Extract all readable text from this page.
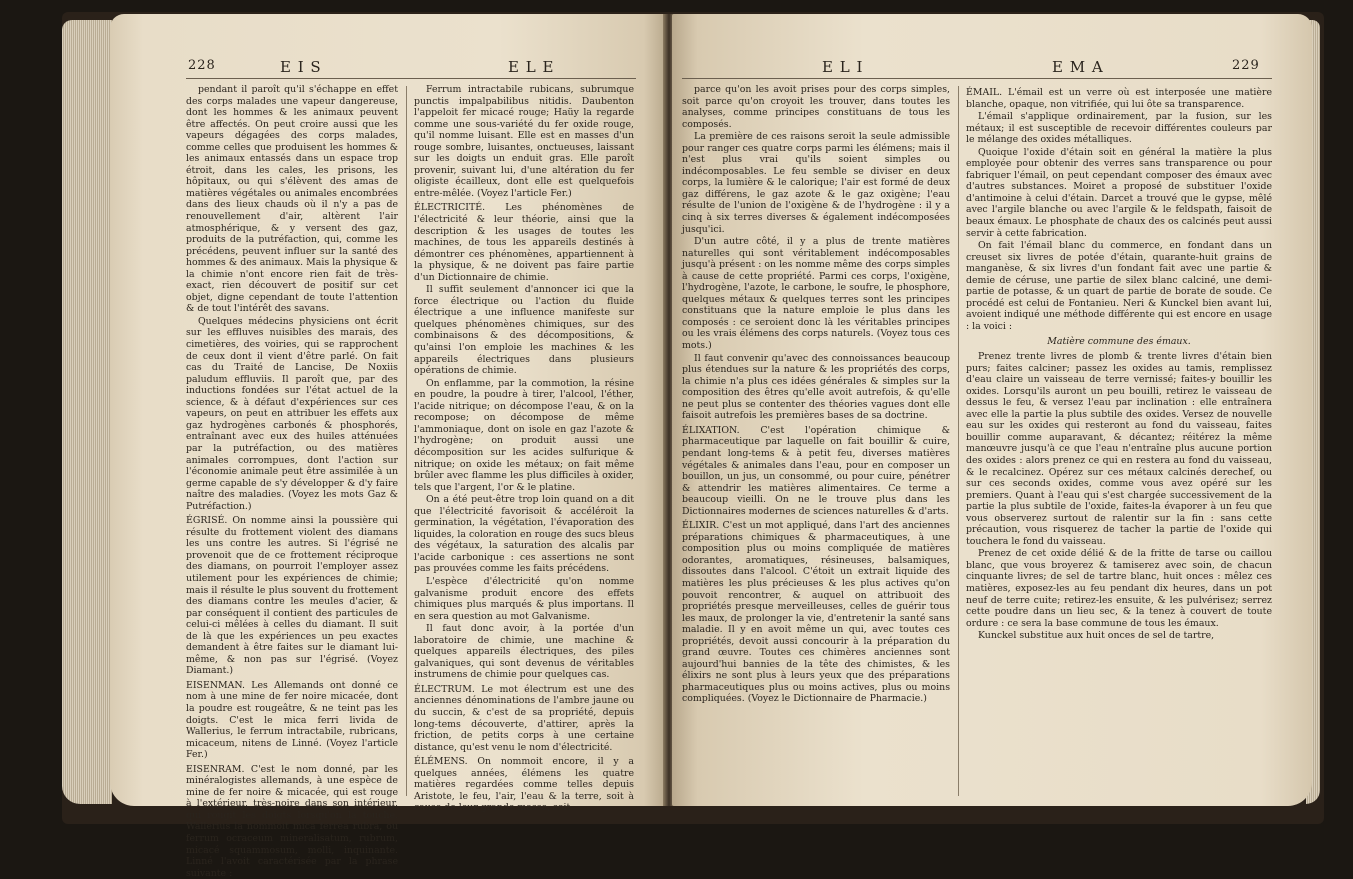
228	E I S	E L E

pendant il paroît qu'il s'échappe en effet des corps malades une vapeur dangereuse, dont les hommes & les animaux peuvent être affectés. On peut croire aussi que les vapeurs dégagées des corps malades, comme celles que produisent les hommes & les animaux entassés dans un espace trop étroit, dans les cales, les prisons, les hôpitaux, ou qui s'élèvent des amas de matières végétales ou animales encombrées dans des lieux chauds où il n'y a pas de renouvellement d'air, altèrent l'air atmosphérique, & y versent des gaz, produits de la putréfaction, qui, comme les précédens, peuvent influer sur la santé des hommes & des animaux. Mais la physique & la chimie n'ont encore rien fait de très-exact, rien découvert de positif sur cet objet, digne cependant de toute l'attention & de tout l'intérêt des savans.

Quelques médecins physiciens ont écrit sur les effluves nuisibles des marais, des cimetières, des voiries, qui se rapprochent de ceux dont il vient d'être parlé. On fait cas du Traité de Lancise, De Noxiis paludum effluviis. Il paroît que, par des inductions fondées sur l'état actuel de la science, & à défaut d'expériences sur ces vapeurs, on peut en attribuer les effets aux gaz hydrogènes carbonés & phosphorés, entraînant avec eux des huiles atténuées par la putréfaction, ou des matières animales corrompues, dont l'action sur l'économie animale peut être assimilée à un germe capable de s'y développer & d'y faire naître des maladies. (Voyez les mots Gaz & Putréfaction.)

ÉGRISÉ. On nomme ainsi la poussière qui résulte du frottement violent des diamans les uns contre les autres. Si l'égrisé ne provenoit que de ce frottement réciproque des diamans, on pourroit l'employer assez utilement pour les expériences de chimie; mais il résulte le plus souvent du frottement des diamans contre les meules d'acier, & par conséquent il contient des particules de celui-ci mêlées à celles du diamant. Il suit de là que les expériences un peu exactes demandent à être faites sur le diamant lui-même, & non pas sur l'égrisé. (Voyez Diamant.)

EISENMAN. Les Allemands ont donné ce nom à une mine de fer noire micacée, dont la poudre est rougeâtre, & ne teint pas les doigts. C'est le mica ferri livida de Wallerius, le ferrum intractabile, rubricans, micaceum, nitens de Linné. (Voyez l'article Fer.)

EISENRAM. C'est le nom donné, par les minéralogistes allemands, à une espèce de mine de fer noire & micacée, qui est rouge à l'extérieur, très-noire dans son intérieur, qui rougit les doigts lorsqu'on la touche. Wallerius la nommoit mica ferrea rubra, ou ferrum ocraceum mineralisatum, rubrum, micacé squammosum, molli, inquinante. Linné l'avoit caractérisée par la phrase suivante :

Ferrum intractabile rubicans, subrumque punctis impalpabilibus nitidis. Daubenton l'appeloit fer micacé rouge; Haüy la regarde comme une sous-variété du fer oxide rouge, qu'il nomme luisant. Elle est en masses d'un rouge sombre, luisantes, onctueuses, laissant sur les doigts un enduit gras. Elle paroît provenir, suivant lui, d'une altération du fer oligiste écailleux, dont elle est quelquefois entre-mêlée. (Voyez l'article Fer.)

ÉLECTRICITÉ. Les phénomènes de l'électricité & leur théorie, ainsi que la description & les usages de toutes les machines, de tous les appareils destinés à démontrer ces phénomènes, appartiennent à la physique, & ne doivent pas faire partie d'un Dictionnaire de chimie.

Il suffit seulement d'annoncer ici que la force électrique ou l'action du fluide électrique a une influence manifeste sur quelques phénomènes chimiques, sur des combinaisons & des décompositions, & qu'ainsi l'on emploie les machines & les appareils électriques dans plusieurs opérations de chimie.

On enflamme, par la commotion, la résine en poudre, la poudre à tirer, l'alcool, l'éther, l'acide nitrique; on décompose l'eau, & on la recompose; on décompose de même l'ammoniaque, dont on isole en gaz l'azote & l'hydrogène; on produit aussi une décomposition sur les acides sulfurique & nitrique; on oxide les métaux; on fait même brûler avec flamme les plus difficiles à oxider, tels que l'argent, l'or & le platine.

On a été peut-être trop loin quand on a dit que l'électricité favorisoit & accéléroit la germination, la végétation, l'évaporation des liquides, la coloration en rouge des sucs bleus des végétaux, la saturation des alcalis par l'acide carbonique : ces assertions ne sont pas prouvées comme les faits précédens.

L'espèce d'électricité qu'on nomme galvanisme produit encore des effets chimiques plus marqués & plus importans. Il en sera question au mot Galvanisme.

Il faut donc avoir, à la portée d'un laboratoire de chimie, une machine & quelques appareils électriques, des piles galvaniques, qui sont devenus de véritables instrumens de chimie pour quelques cas.

ÉLECTRUM. Le mot électrum est une des anciennes dénominations de l'ambre jaune ou du succin, & c'est de sa propriété, depuis long-tems découverte, d'attirer, après la friction, de petits corps à une certaine distance, qu'est venu le nom d'électricité.

ÉLÉMENS. On nommoit encore, il y a quelques années, élémens les quatre matières regardées comme telles depuis Aristote, le feu, l'air, l'eau & la terre, soit à cause de leur grande masse, soit

E L I	E M A	229

parce qu'on les avoit prises pour des corps simples, soit parce qu'on croyoit les trouver, dans toutes les analyses, comme principes constituans de tous les composés.

La première de ces raisons seroit la seule admissible pour ranger ces quatre corps parmi les élémens; mais il n'est plus vrai qu'ils soient simples ou indécomposables. Le feu semble se diviser en deux corps, la lumière & le calorique; l'air est formé de deux gaz différens, le gaz azote & le gaz oxigène; l'eau résulte de l'union de l'oxigène & de l'hydrogène : il y a cinq à six terres diverses & également indécomposées jusqu'ici.

D'un autre côté, il y a plus de trente matières naturelles qui sont véritablement indécomposables jusqu'à présent : on les nomme même des corps simples à cause de cette propriété. Parmi ces corps, l'oxigène, l'hydrogène, l'azote, le carbone, le soufre, le phosphore, quelques métaux & quelques terres sont les principes constituans que la nature emploie le plus dans les composés : ce seroient donc là les véritables principes ou les vrais élémens des corps naturels. (Voyez tous ces mots.)

Il faut convenir qu'avec des connoissances beaucoup plus étendues sur la nature & les propriétés des corps, la chimie n'a plus ces idées générales & simples sur la composition des êtres qu'elle avoit autrefois, & qu'elle ne peut plus se contenter des théories vagues dont elle faisoit autrefois les premières bases de sa doctrine.

ÉLIXATION. C'est l'opération chimique & pharmaceutique par laquelle on fait bouillir & cuire, pendant long-tems & à petit feu, diverses matières végétales & animales dans l'eau, pour en composer un bouillon, un jus, un consommé, ou pour cuire, pénétrer & attendrir les matières alimentaires. Ce terme a beaucoup vieilli. On ne le trouve plus dans les Dictionnaires modernes de sciences naturelles & d'arts.

ÉLIXIR. C'est un mot appliqué, dans l'art des anciennes préparations chimiques & pharmaceutiques, à une composition plus ou moins compliquée de matières odorantes, aromatiques, résineuses, balsamiques, dissoutes dans l'alcool. C'étoit un extrait liquide des matières les plus précieuses & les plus actives qu'on pouvoit rencontrer, & auquel on attribuoit des propriétés presque merveilleuses, celles de guérir tous les maux, de prolonger la vie, d'entretenir la santé sans maladie. Il y en avoit même un qui, avec toutes ces propriétés, devoit aussi concourir à la préparation du grand œuvre. Toutes ces chimères anciennes sont aujourd'hui bannies de la tête des chimistes, & les élixirs ne sont plus à leurs yeux que des préparations pharmaceutiques plus ou moins actives, plus ou moins compliquées. (Voyez le Dictionnaire de Pharmacie.)

ÉMAIL. L'émail est un verre où est interposée une matière blanche, opaque, non vitrifiée, qui lui ôte sa transparence.

L'émail s'applique ordinairement, par la fusion, sur les métaux; il est susceptible de recevoir différentes couleurs par le mélange des oxides métalliques.

Quoique l'oxide d'étain soit en général la matière la plus employée pour obtenir des verres sans transparence ou pour fabriquer l'émail, on peut cependant composer des émaux avec d'autres substances. Moiret a proposé de substituer l'oxide d'antimoine à celui d'étain. Darcet a trouvé que le gypse, mêlé avec l'argile blanche ou avec l'argile & le feldspath, faisoit de beaux émaux. Le phosphate de chaux des os calcinés peut aussi servir à cette fabrication.

On fait l'émail blanc du commerce, en fondant dans un creuset six livres de potée d'étain, quarante-huit grains de manganèse, & six livres d'un fondant fait avec une partie & demie de céruse, une partie de silex blanc calciné, une demi-partie de potasse, & un quart de partie de borate de soude. Ce procédé est celui de Fontanieu. Neri & Kunckel bien avant lui, avoient indiqué une méthode différente qui est encore en usage : la voici :

Matière commune des émaux.

Prenez trente livres de plomb & trente livres d'étain bien purs; faites calciner; passez les oxides au tamis, remplissez d'eau claire un vaisseau de terre vernissé; faites-y bouillir les oxides. Lorsqu'ils auront un peu bouilli, retirez le vaisseau de dessus le feu, & versez l'eau par inclination : elle entraînera avec elle la partie la plus subtile des oxides. Versez de nouvelle eau sur les oxides qui resteront au fond du vaisseau, faites bouillir comme auparavant, & décantez; réitérez la même manœuvre jusqu'à ce que l'eau n'entraîne plus aucune portion des oxides : alors prenez ce qui en restera au fond du vaisseau, & le recalcinez. Opérez sur ces métaux calcinés derechef, ou sur ces seconds oxides, comme vous avez opéré sur les premiers. Quant à l'eau qui s'est chargée successivement de la partie la plus subtile de l'oxide, faites-la évaporer à un feu que vous observerez surtout de ralentir sur la fin : sans cette précaution, vous risquerez de tacher la partie de l'oxide qui touchera le fond du vaisseau.

Prenez de cet oxide délié & de la fritte de tarse ou caillou blanc, que vous broyerez & tamiserez avec soin, de chacun cinquante livres; de sel de tartre blanc, huit onces : mêlez ces matières, exposez-les au feu pendant dix heures, dans un pot neuf de terre cuite; retirez-les ensuite, & les pulvérisez; serrez cette poudre dans un lieu sec, & la tenez à couvert de toute ordure : ce sera la base commune de tous les émaux.

Kunckel substitue aux huit onces de sel de tartre,
